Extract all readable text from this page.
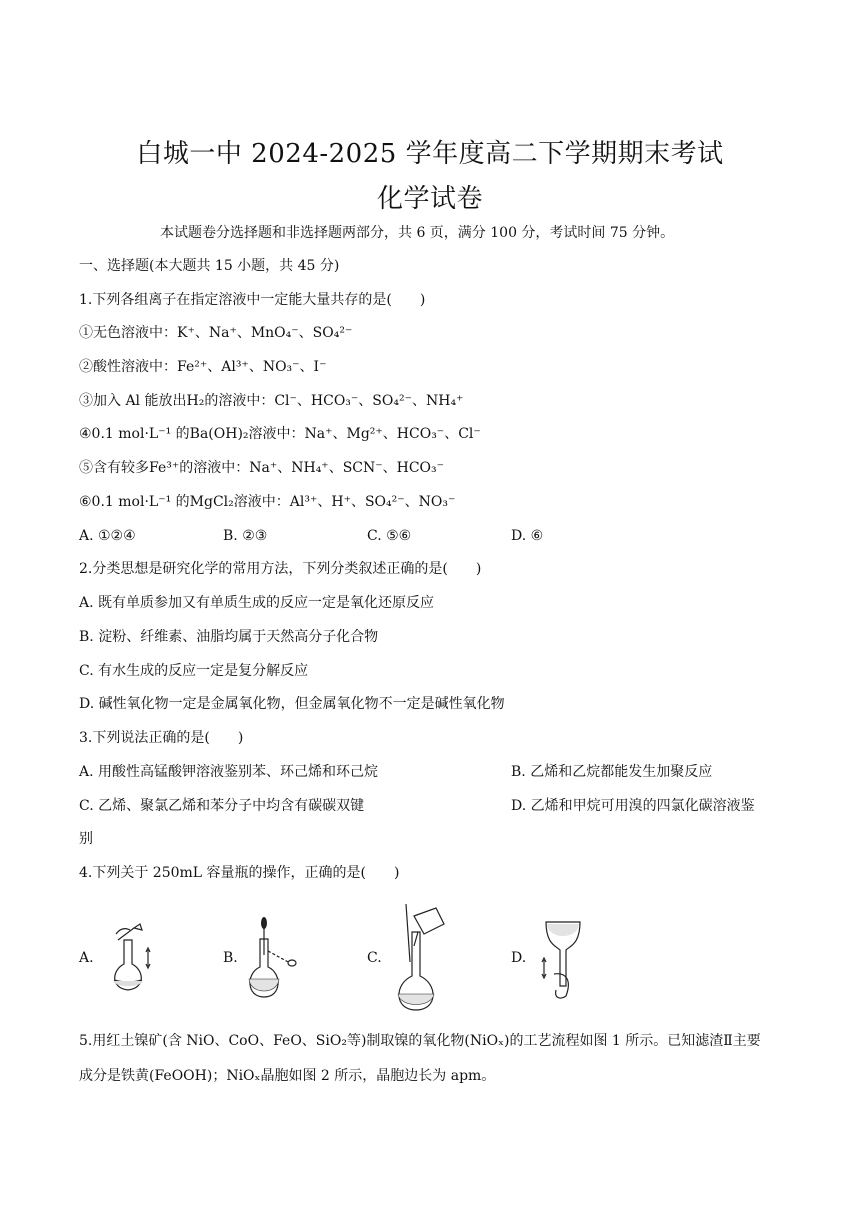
白城一中 2024-2025 学年度高二下学期期末考试
化学试卷
本试题卷分选择题和非选择题两部分，共 6 页，满分 100 分，考试时间 75 分钟。
一、选择题(本大题共 15 小题，共 45 分)
1.下列各组离子在指定溶液中一定能大量共存的是(　　)
①无色溶液中：K⁺、Na⁺、MnO₄⁻、SO₄²⁻
②酸性溶液中：Fe²⁺、Al³⁺、NO₃⁻、I⁻
③加入 Al 能放出H₂的溶液中：Cl⁻、HCO₃⁻、SO₄²⁻、NH₄⁺
④0.1 mol·L⁻¹ 的Ba(OH)₂溶液中：Na⁺、Mg²⁺、HCO₃⁻、Cl⁻
⑤含有较多Fe³⁺的溶液中：Na⁺、NH₄⁺、SCN⁻、HCO₃⁻
⑥0.1 mol·L⁻¹ 的MgCl₂溶液中：Al³⁺、H⁺、SO₄²⁻、NO₃⁻
A. ①②④	B. ②③	C. ⑤⑥	D. ⑥
2.分类思想是研究化学的常用方法，下列分类叙述正确的是(　　)
A. 既有单质参加又有单质生成的反应一定是氧化还原反应
B. 淀粉、纤维素、油脂均属于天然高分子化合物
C. 有水生成的反应一定是复分解反应
D. 碱性氧化物一定是金属氧化物，但金属氧化物不一定是碱性氧化物
3.下列说法正确的是(　　)
A. 用酸性高锰酸钾溶液鉴别苯、环己烯和环己烷	B. 乙烯和乙烷都能发生加聚反应
C. 乙烯、聚氯乙烯和苯分子中均含有碳碳双键	D. 乙烯和甲烷可用溴的四氯化碳溶液鉴
别
4.下列关于 250mL 容量瓶的操作，正确的是(　　)
A.	B.	C.	D.
5.用红土镍矿(含 NiO、CoO、FeO、SiO₂等)制取镍的氧化物(NiOₓ)的工艺流程如图 1 所示。已知滤渣Ⅱ主要
成分是铁黄(FeOOH)；NiOₓ晶胞如图 2 所示，晶胞边长为 apm。
